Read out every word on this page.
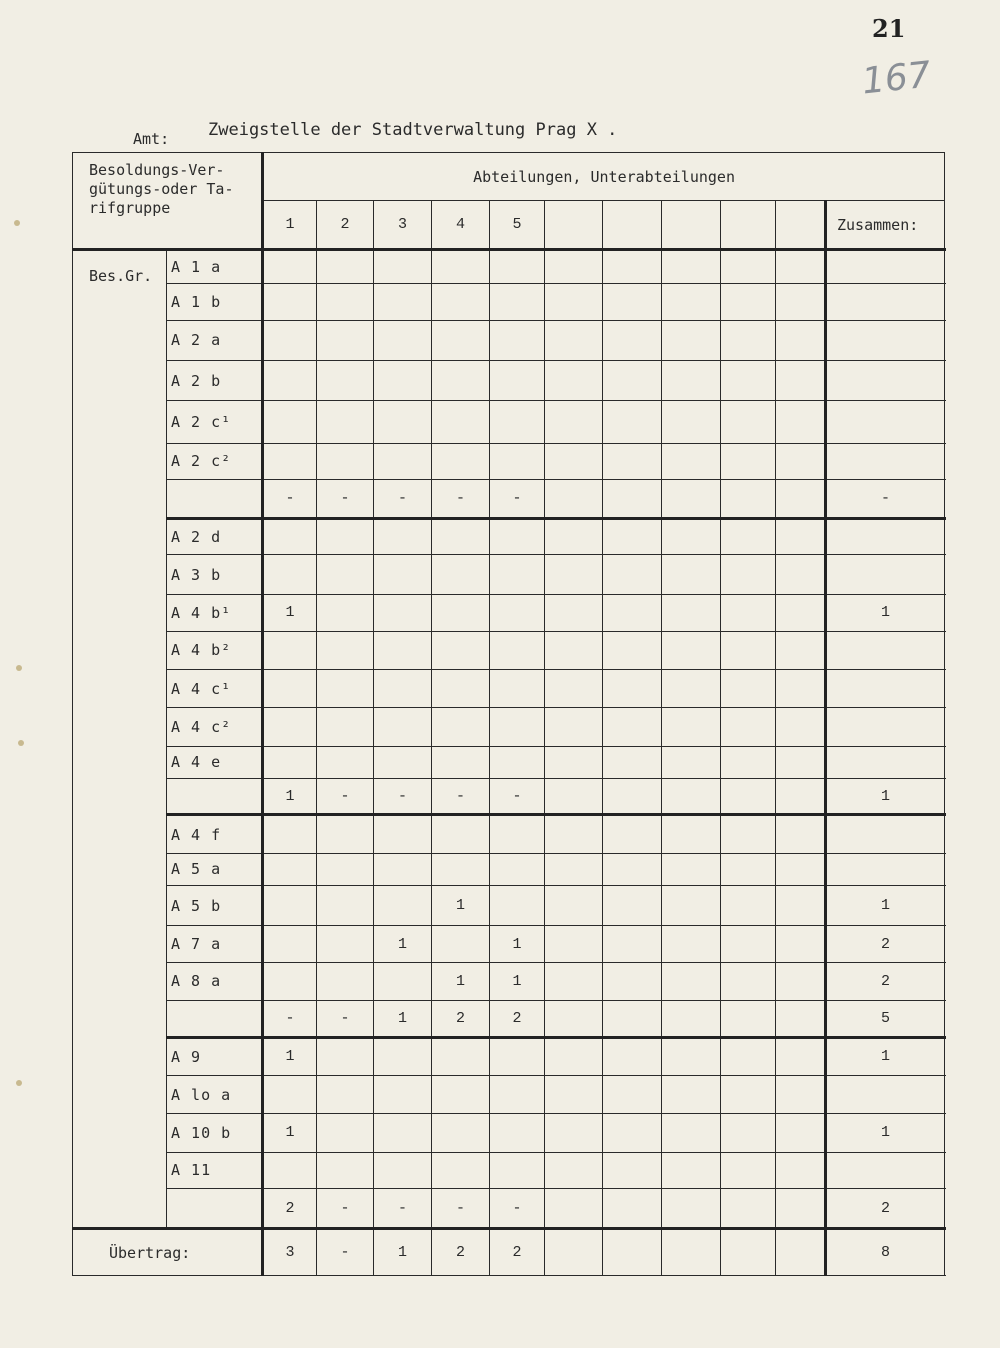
21
167
Amt: Zweigstelle der Stadtverwaltung Prag X .
Besoldungs-Ver-
gütungs-oder Ta-
rifgruppe		Abteilungen, Unterabteilungen										
		1	2	3	4	5						Zusammen:
Bes.Gr.	A 1 a											
	A 1 b											
	A 2 a											
	A 2 b											
	A 2 c¹											
	A 2 c²											
		-	-	-	-	-						-
	A 2 d											
	A 3 b											
	A 4 b¹	1										1
	A 4 b²											
	A 4 c¹											
	A 4 c²											
	A 4 e											
		1	-	-	-	-						1
	A 4 f											
	A 5 a											
	A 5 b				1							1
	A 7 a			1		1						2
	A 8 a				1	1						2
		-	-	1	2	2						5
	A 9	1										1
	A lo a											
	A 10 b	1										1
	A 11											
		2	-	-	-	-						2
Übertrag:		3	-	1	2	2						8
